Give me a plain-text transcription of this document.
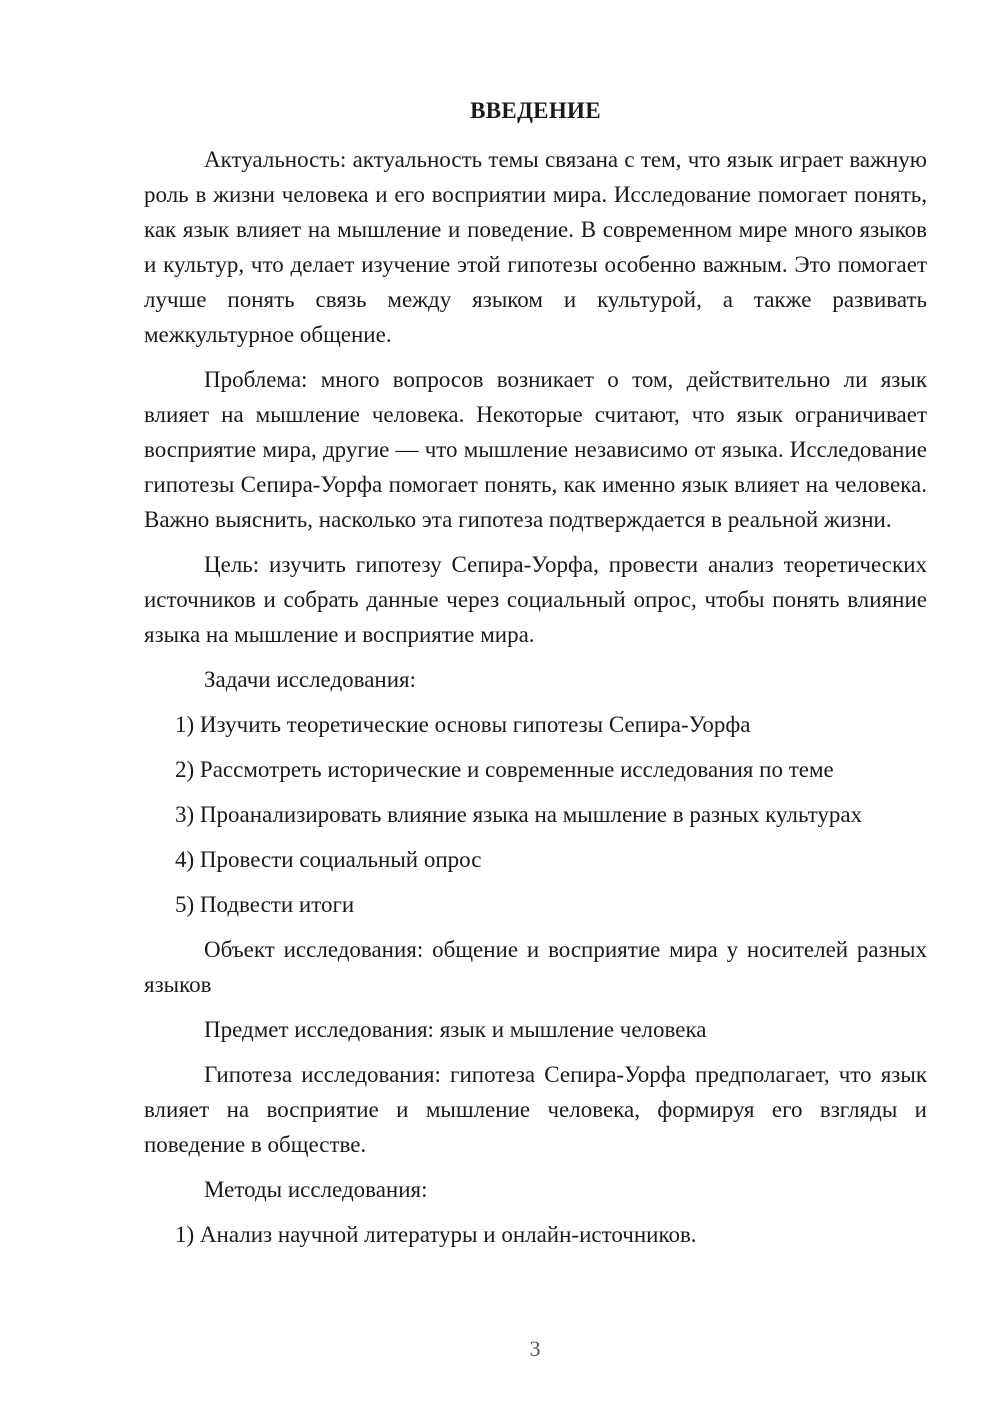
ВВЕДЕНИЕ

Актуальность: актуальность темы связана с тем, что язык играет важную роль в жизни человека и его восприятии мира. Исследование помогает понять, как язык влияет на мышление и поведение. В современном мире много языков и культур, что делает изучение этой гипотезы особенно важным. Это помогает лучше понять связь между языком и культурой, а также развивать межкультурное общение.

Проблема: много вопросов возникает о том, действительно ли язык влияет на мышление человека. Некоторые считают, что язык ограничивает восприятие мира, другие — что мышление независимо от языка. Исследование гипотезы Сепира-Уорфа помогает понять, как именно язык влияет на человека. Важно выяснить, насколько эта гипотеза подтверждается в реальной жизни.

Цель: изучить гипотезу Сепира-Уорфа, провести анализ теоретических источников и собрать данные через социальный опрос, чтобы понять влияние языка на мышление и восприятие мира.

Задачи исследования:
1) Изучить теоретические основы гипотезы Сепира-Уорфа
2) Рассмотреть исторические и современные исследования по теме
3) Проанализировать влияние языка на мышление в разных культурах
4) Провести социальный опрос
5) Подвести итоги

Объект исследования: общение и восприятие мира у носителей разных языков

Предмет исследования: язык и мышление человека

Гипотеза исследования: гипотеза Сепира-Уорфа предполагает, что язык влияет на восприятие и мышление человека, формируя его взгляды и поведение в обществе.

Методы исследования:
1) Анализ научной литературы и онлайн-источников.
3
